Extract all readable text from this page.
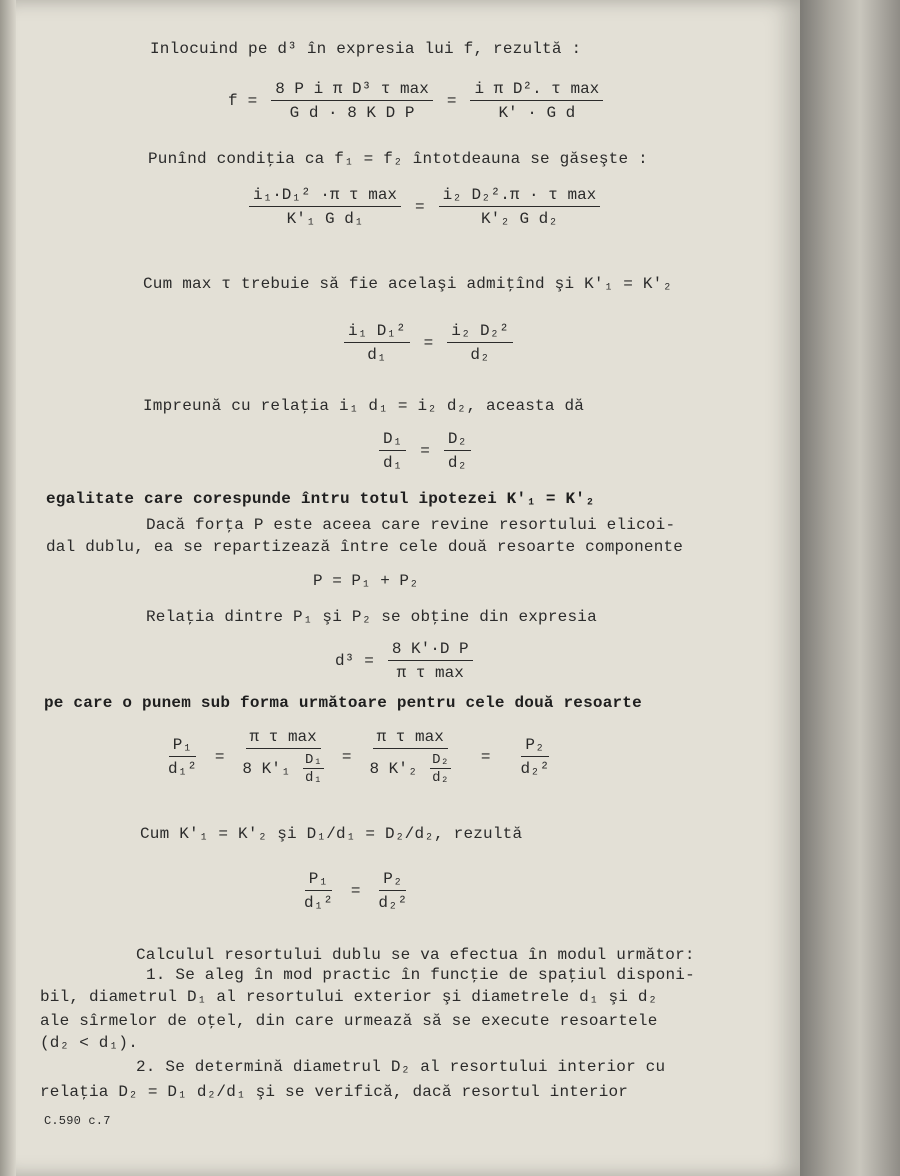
Inlocuind pe d³ în expresia lui f, rezultă :
$f = \frac{\text{8 P i π D³ τ max}}{\text{G d · 8 K D P}} = \frac{\text{i π D². τ max}}{\text{K' · G d}}$
Punînd condiţia ca f₁ = f₂ întotdeauna se găseşte :
$\frac{\text{i₁·D₁² ·π τ max}}{\text{K'₁ G d₁}} = \frac{\text{i₂ D₂².π · τ max}}{\text{K'₂ G d₂}}$
Cum max τ trebuie să fie acelaşi admiţînd şi K'₁ = K'₂
$\frac{\text{i₁ D₁²}}{\text{d₁}} = \frac{\text{i₂ D₂²}}{\text{d₂}}$
Impreună cu relaţia i₁ d₁ = i₂ d₂, aceasta dă
$\frac{\text{D₁}}{\text{d₁}} = \frac{\text{D₂}}{\text{d₂}}$
egalitate care corespunde întru totul ipotezei K'₁ = K'₂
Dacă forţa P este aceea care revine resortului elicoi-
dal dublu, ea se repartizează între cele două resoarte componente
P = P₁ + P₂
Relaţia dintre P₁ şi P₂ se obţine din expresia
$d^3 = \frac{\text{8 K'·D P}}{\text{π τ max}}$
pe care o punem sub forma următoare pentru cele două resoarte
$\frac{\text{P₁}}{\text{d₁²}} = \frac{\text{π τ max}}{8 K'_1 \frac{\text{D₁}}{\text{d₁}}} = \frac{\text{π τ max}}{8 K'_2 \frac{\text{D₂}}{\text{d₂}}} = \frac{\text{P₂}}{\text{d₂²}}$
Cum K'₁ = K'₂ şi D₁/d₁ = D₂/d₂, rezultă
$\frac{\text{P₁}}{\text{d₁²}} = \frac{\text{P₂}}{\text{d₂²}}$
Calculul resortului dublu se va efectua în modul următor:
1. Se aleg în mod practic în funcţie de spaţiul disponi-
bil, diametrul D₁ al resortului exterior şi diametrele d₁ şi d₂
ale sîrmelor de oţel, din care urmează să se execute resoartele
(d₂ < d₁).
2. Se determină diametrul D₂ al resortului interior cu
relaţia D₂ = D₁ d₂/d₁ şi se verifică, dacă resortul interior
C.590 c.7
